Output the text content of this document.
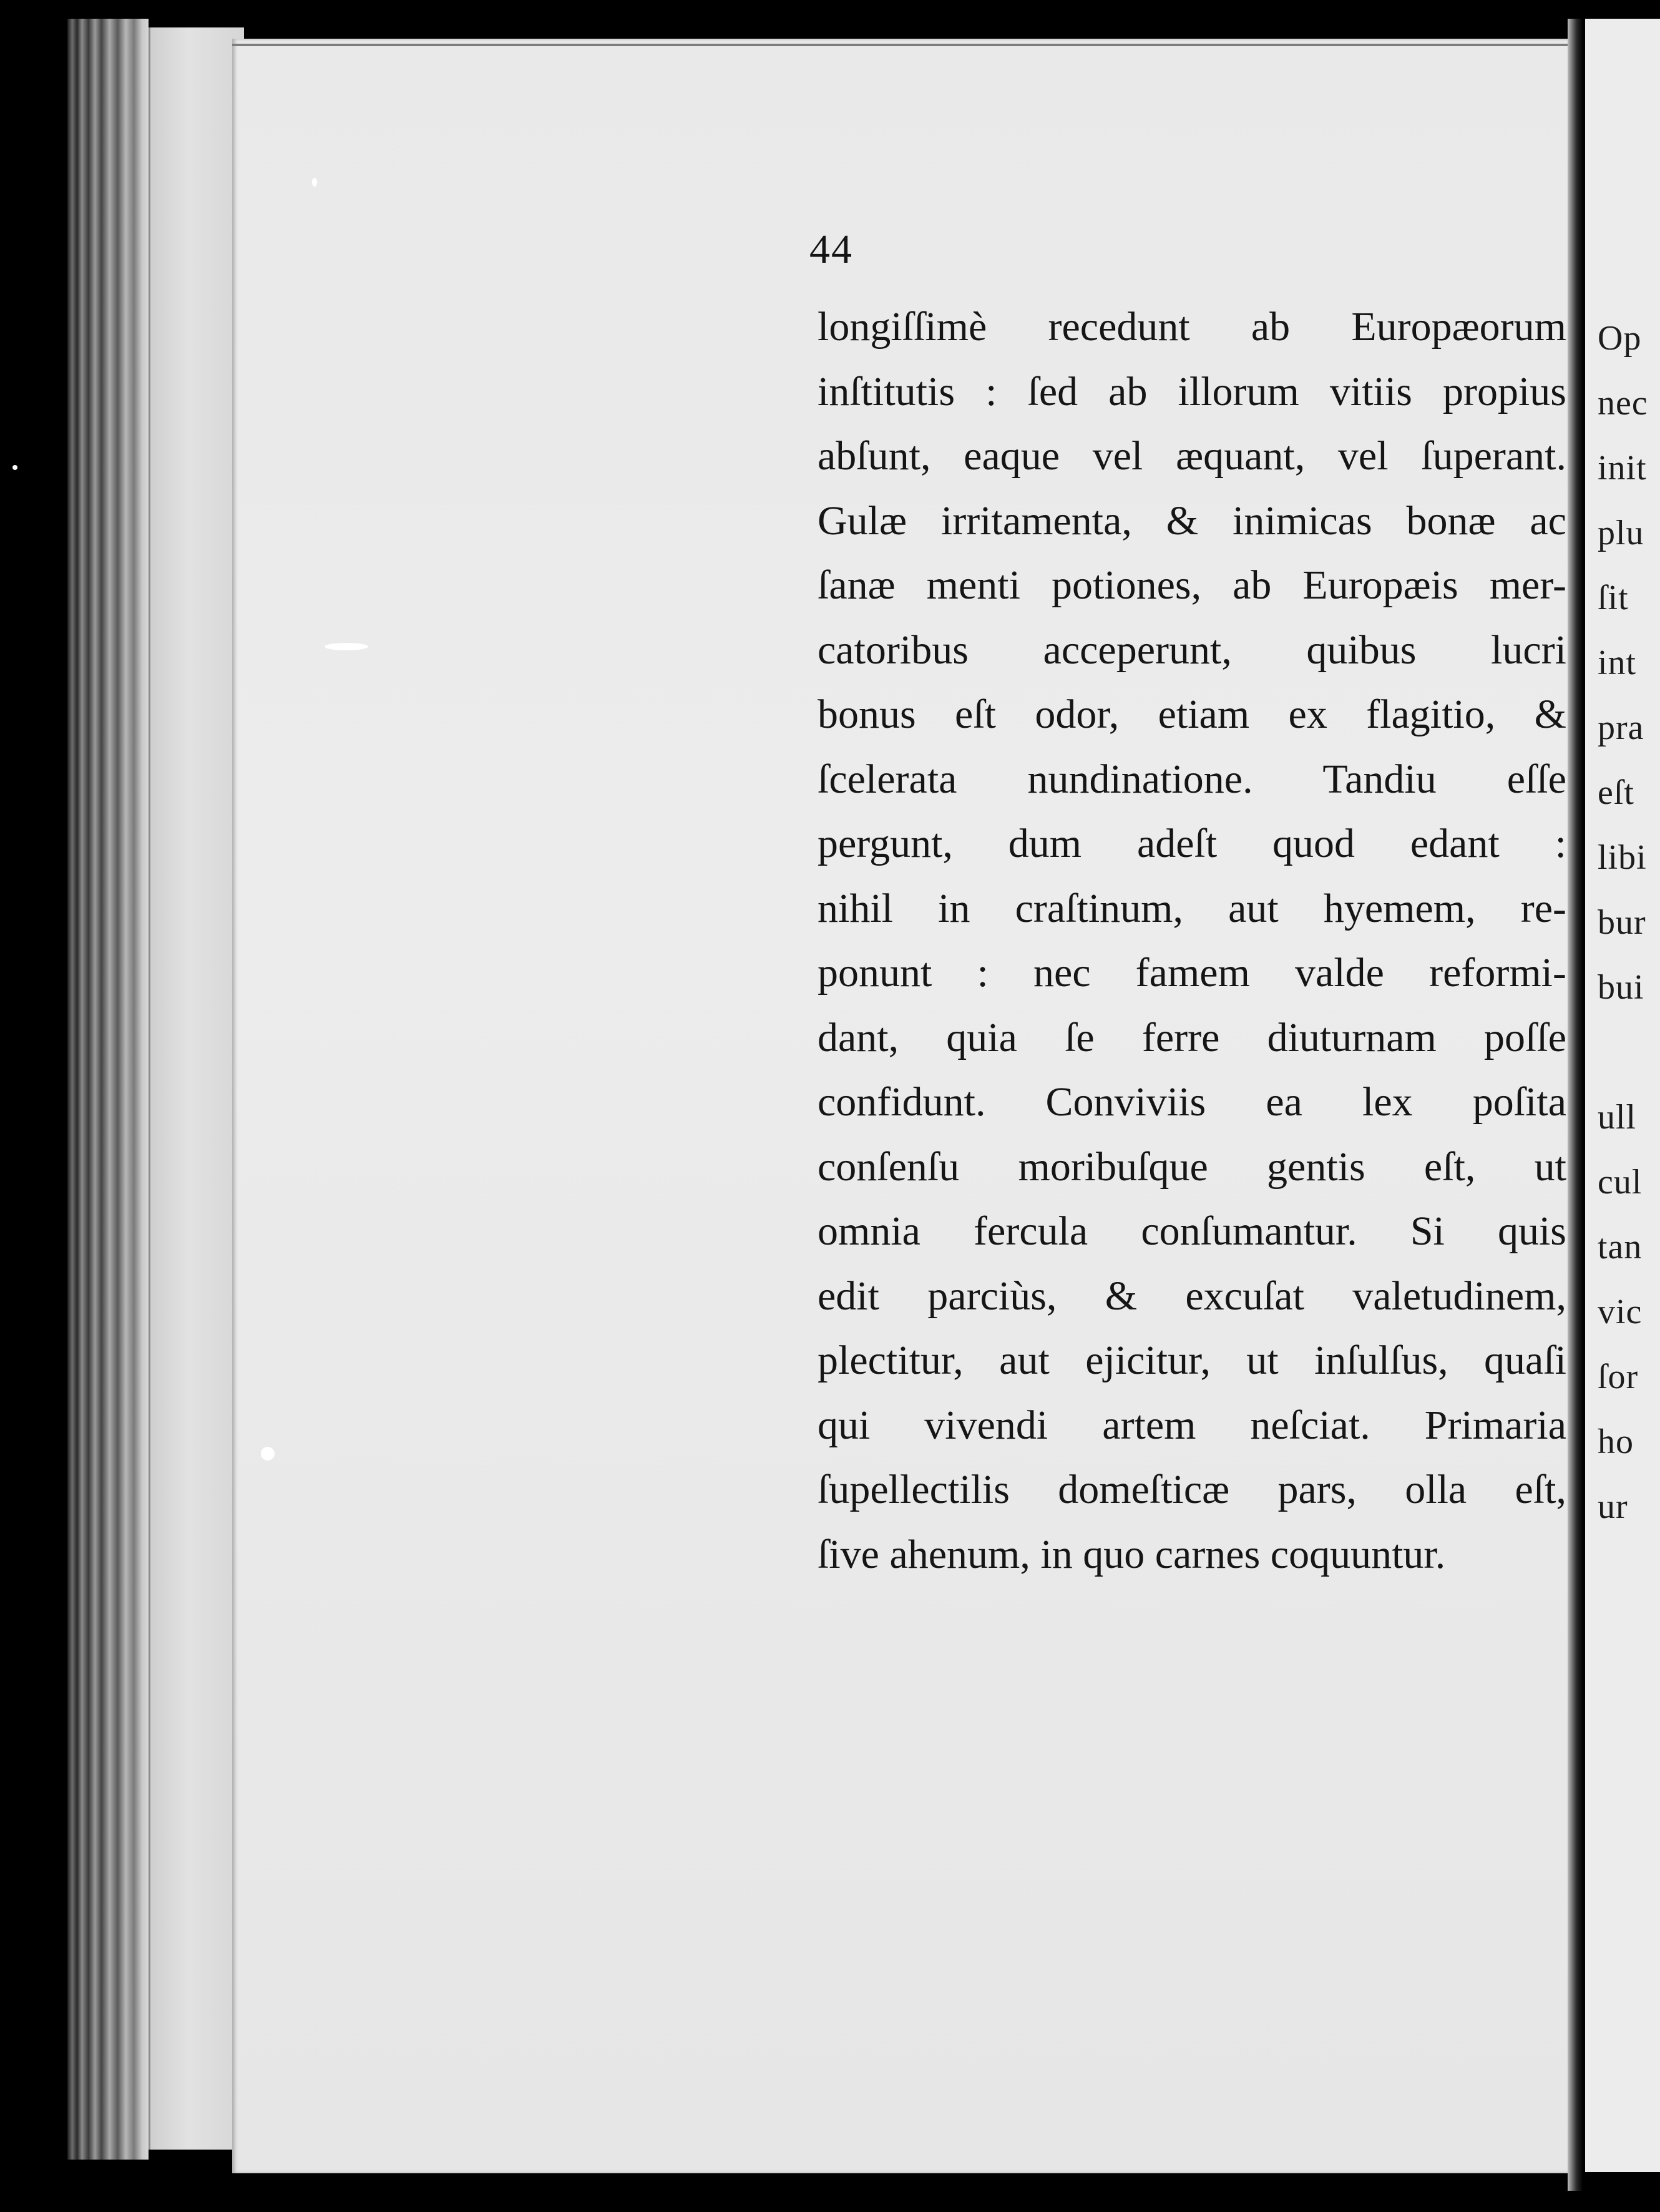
44
longiſſimè recedunt ab Europæorum
inſtitutis : ſed ab illorum vitiis propius
abſunt, eaque vel æquant, vel ſuperant.
Gulæ irritamenta, & inimicas bonæ ac
ſanæ menti potiones, ab Europæis mer-
catoribus acceperunt, quibus lucri
bonus eſt odor, etiam ex flagitio, &
ſcelerata nundinatione. Tandiu eſſe
pergunt, dum adeſt quod edant :
nihil in craſtinum, aut hyemem, re-
ponunt : nec famem valde reformi-
dant, quia ſe ferre diuturnam poſſe
confidunt. Conviviis ea lex poſita
conſenſu moribuſque gentis eſt, ut
omnia fercula conſumantur. Si quis
edit parciùs, & excuſat valetudinem,
plectitur, aut ejicitur, ut inſulſus, quaſi
qui vivendi artem neſciat. Primaria
ſupellectilis domeſticæ pars, olla eſt,
ſive ahenum, in quo carnes coquuntur.
Op
nec
init
plu
ſit
int
pra
eſt
libi
bur
bui
ull
cul
tan
vic
ſor
ho
ur
